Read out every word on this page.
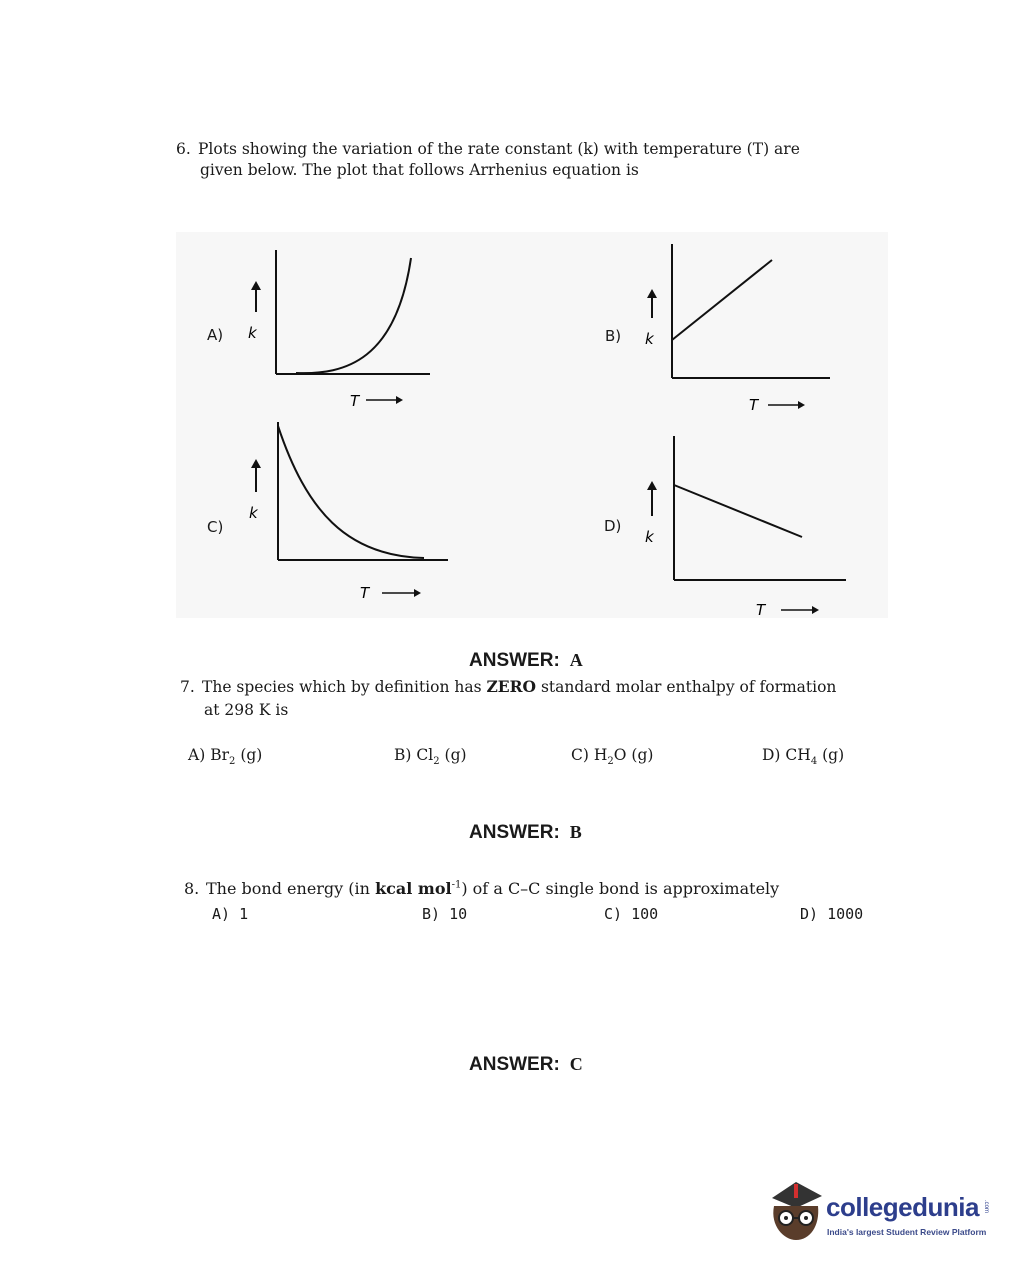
6. Plots showing the variation of the rate constant (k) with temperature (T) are
given below. The plot that follows Arrhenius equation is
A) k
T
B) k
T
C)
k
T
D)
k
T
ANSWER: A
7. The species which by definition has ZERO standard molar enthalpy of formation
at 298 K is
A) $Br_2$ (g)	B) $Cl_2$ (g)	C) $H_2O$ (g)	D) $CH_4$ (g)
ANSWER: B
8. The bond energy (in kcal mol$^{-1}$) of a C–C single bond is approximately
A) 1	B) 10	C) 100	D) 1000
ANSWER: C
collegedunia .com
India's largest Student Review Platform
